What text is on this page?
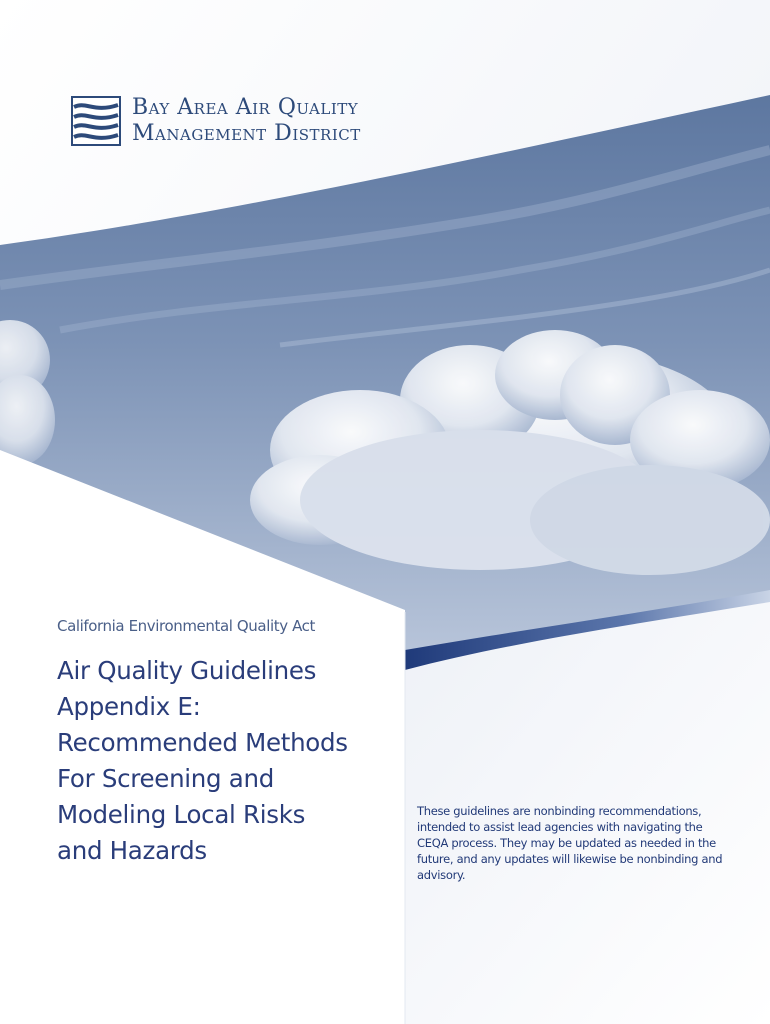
Bay Area Air Quality
Management District
California Environmental Quality Act
Air Quality Guidelines
Appendix E:
Recommended Methods
For Screening and
Modeling Local Risks
and Hazards
These guidelines are nonbinding recommendations,
intended to assist lead agencies with navigating the
CEQA process. They may be updated as needed in the
future, and any updates will likewise be nonbinding and
advisory.
